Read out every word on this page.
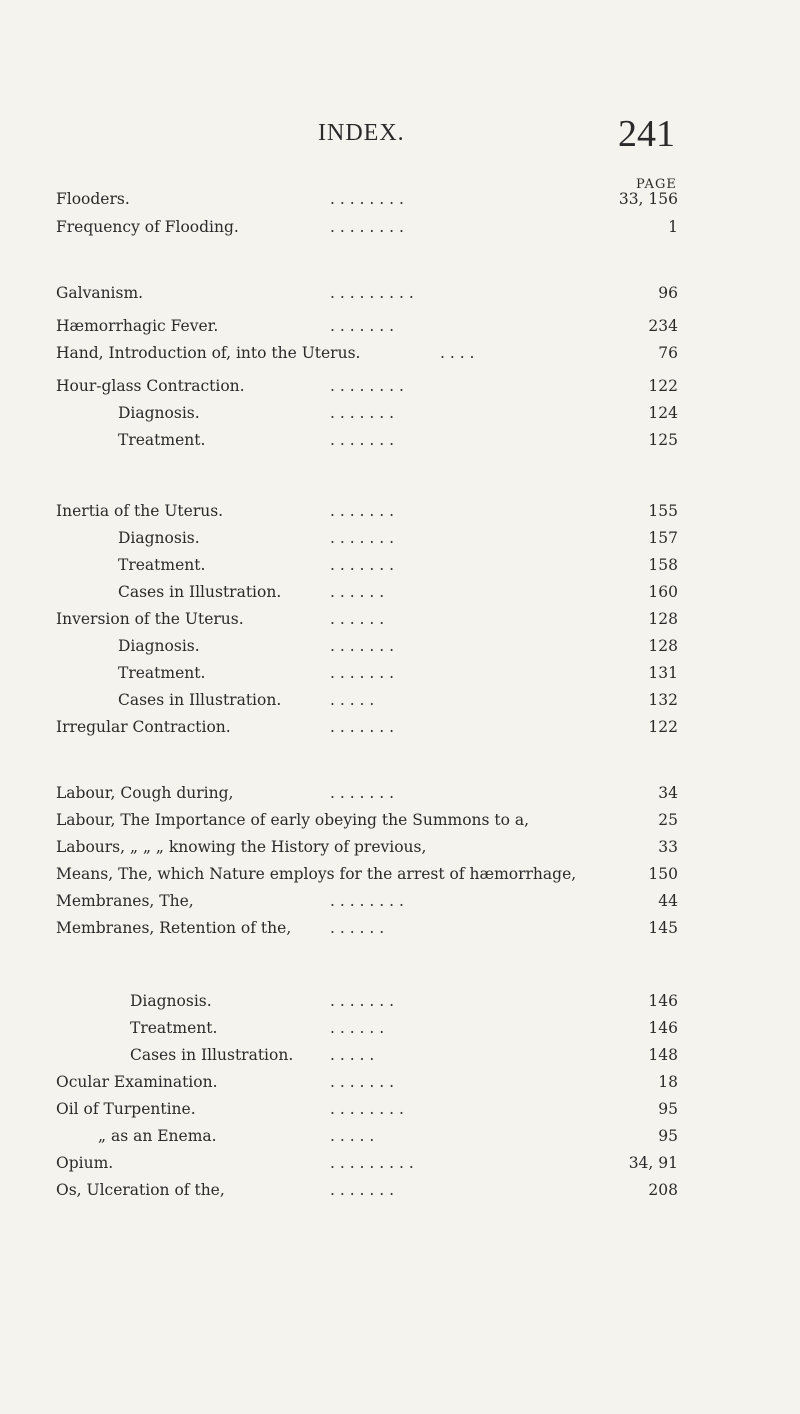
INDEX.	241
PAGE
Flooders.	. . . . . . . .	33, 156
Frequency of Flooding.	. . . . . . . .	1
Galvanism.	. . . . . . . . .	96
Hæmorrhagic Fever.	. . . . . . .	234
Hand, Introduction of, into the Uterus.	. . . .	76
Hour-glass Contraction.	. . . . . . . .	122
Diagnosis.	. . . . . . .	124
Treatment.	. . . . . . .	125
Inertia of the Uterus.	. . . . . . .	155
Diagnosis.	. . . . . . .	157
Treatment.	. . . . . . .	158
Cases in Illustration.	. . . . . .	160
Inversion of the Uterus.	. . . . . .	128
Diagnosis.	. . . . . . .	128
Treatment.	. . . . . . .	131
Cases in Illustration.	. . . . .	132
Irregular Contraction.	. . . . . . .	122
Labour, Cough during,	. . . . . . .	34
Labour, The Importance of early obeying the Summons to a,	25
Labours, „ „ „ knowing the History of previous,	33
Means, The, which Nature employs for the arrest of hæmorrhage,	150
Membranes, The,	. . . . . . . .	44
Membranes, Retention of the,	. . . . . .	145
Diagnosis.	. . . . . . .	146
Treatment.	. . . . . .	146
Cases in Illustration. . . . . .	148
Ocular Examination.	. . . . . . .	18
Oil of Turpentine.	. . . . . . . .	95
„ as an Enema.	. . . . .	95
Opium.	. . . . . . . . .	34, 91
Os, Ulceration of the,	. . . . . . .	208
